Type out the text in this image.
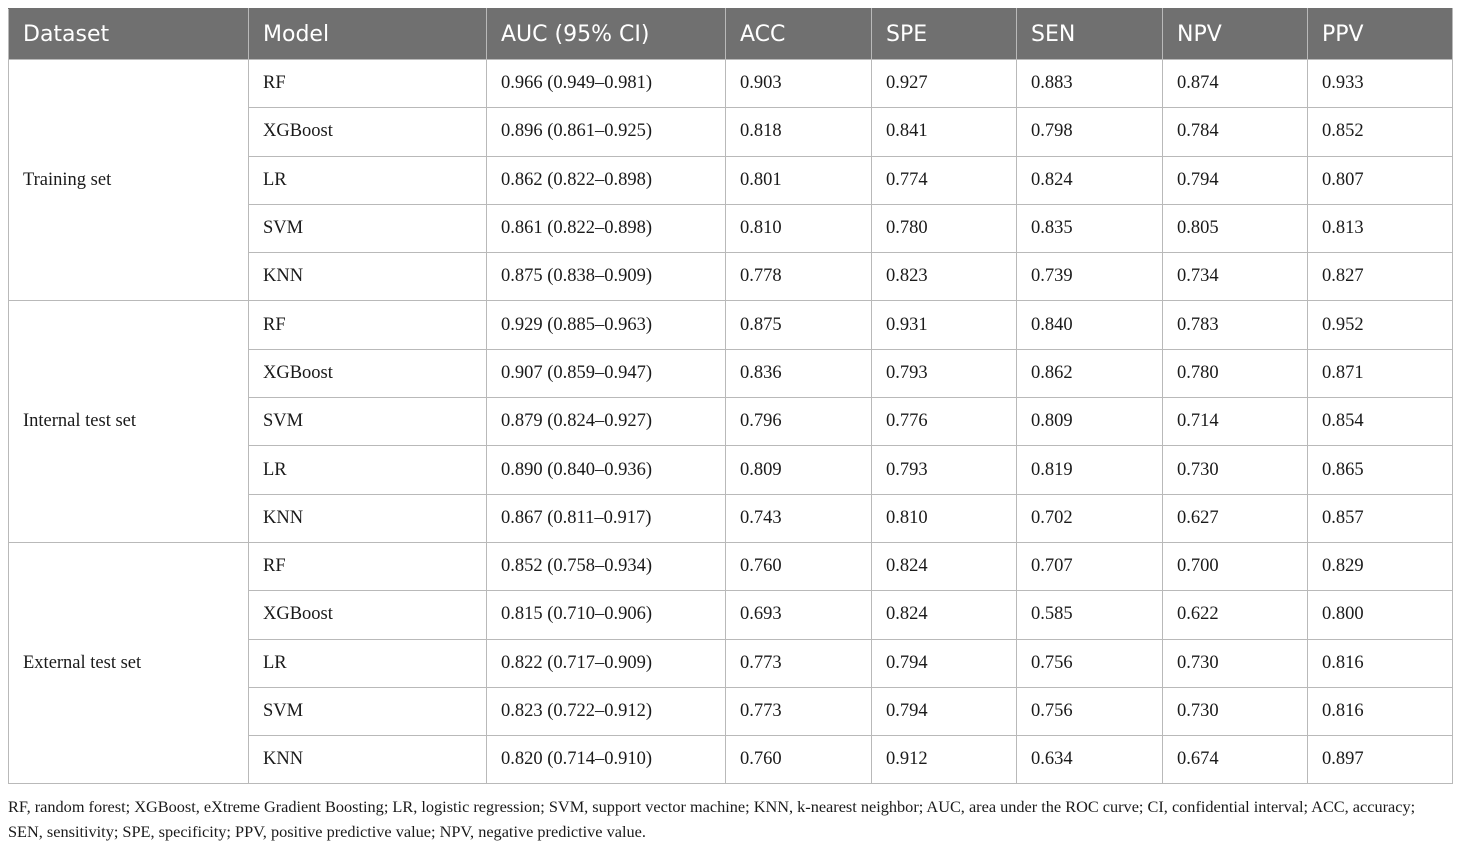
Dataset	Model	AUC (95% CI)	ACC	SPE	SEN	NPV	PPV
Training set	RF	0.966 (0.949–0.981)	0.903	0.927	0.883	0.874	0.933
	XGBoost	0.896 (0.861–0.925)	0.818	0.841	0.798	0.784	0.852
	LR	0.862 (0.822–0.898)	0.801	0.774	0.824	0.794	0.807
	SVM	0.861 (0.822–0.898)	0.810	0.780	0.835	0.805	0.813
	KNN	0.875 (0.838–0.909)	0.778	0.823	0.739	0.734	0.827
Internal test set	RF	0.929 (0.885–0.963)	0.875	0.931	0.840	0.783	0.952
	XGBoost	0.907 (0.859–0.947)	0.836	0.793	0.862	0.780	0.871
	SVM	0.879 (0.824–0.927)	0.796	0.776	0.809	0.714	0.854
	LR	0.890 (0.840–0.936)	0.809	0.793	0.819	0.730	0.865
	KNN	0.867 (0.811–0.917)	0.743	0.810	0.702	0.627	0.857
External test set	RF	0.852 (0.758–0.934)	0.760	0.824	0.707	0.700	0.829
	XGBoost	0.815 (0.710–0.906)	0.693	0.824	0.585	0.622	0.800
	LR	0.822 (0.717–0.909)	0.773	0.794	0.756	0.730	0.816
	SVM	0.823 (0.722–0.912)	0.773	0.794	0.756	0.730	0.816
	KNN	0.820 (0.714–0.910)	0.760	0.912	0.634	0.674	0.897
RF, random forest; XGBoost, eXtreme Gradient Boosting; LR, logistic regression; SVM, support vector machine; KNN, k-nearest neighbor; AUC, area under the ROC curve; CI, confidential interval; ACC, accuracy; SEN, sensitivity; SPE, specificity; PPV, positive predictive value; NPV, negative predictive value.
